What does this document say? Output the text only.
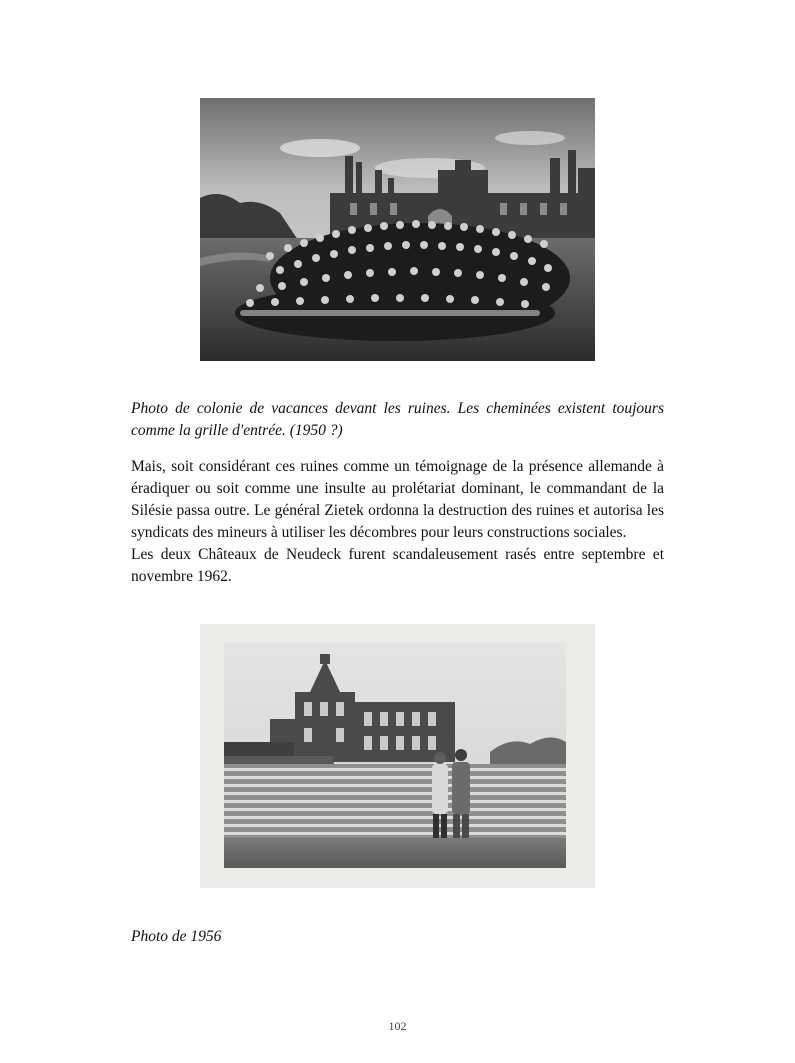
Photo de colonie de vacances devant les ruines. Les cheminées existent toujours comme la grille d'entrée. (1950 ?)

Mais, soit considérant ces ruines comme un témoignage de la présence allemande à éradiquer ou soit comme une insulte au prolétariat dominant, le commandant de la Silésie passa outre. Le général Zietek ordonna la destruction des ruines et autorisa les syndicats des mineurs à utiliser les décombres pour leurs constructions sociales.

Les deux Châteaux de Neudeck furent scandaleusement rasés entre septembre et novembre 1962.

Photo de 1956

102
